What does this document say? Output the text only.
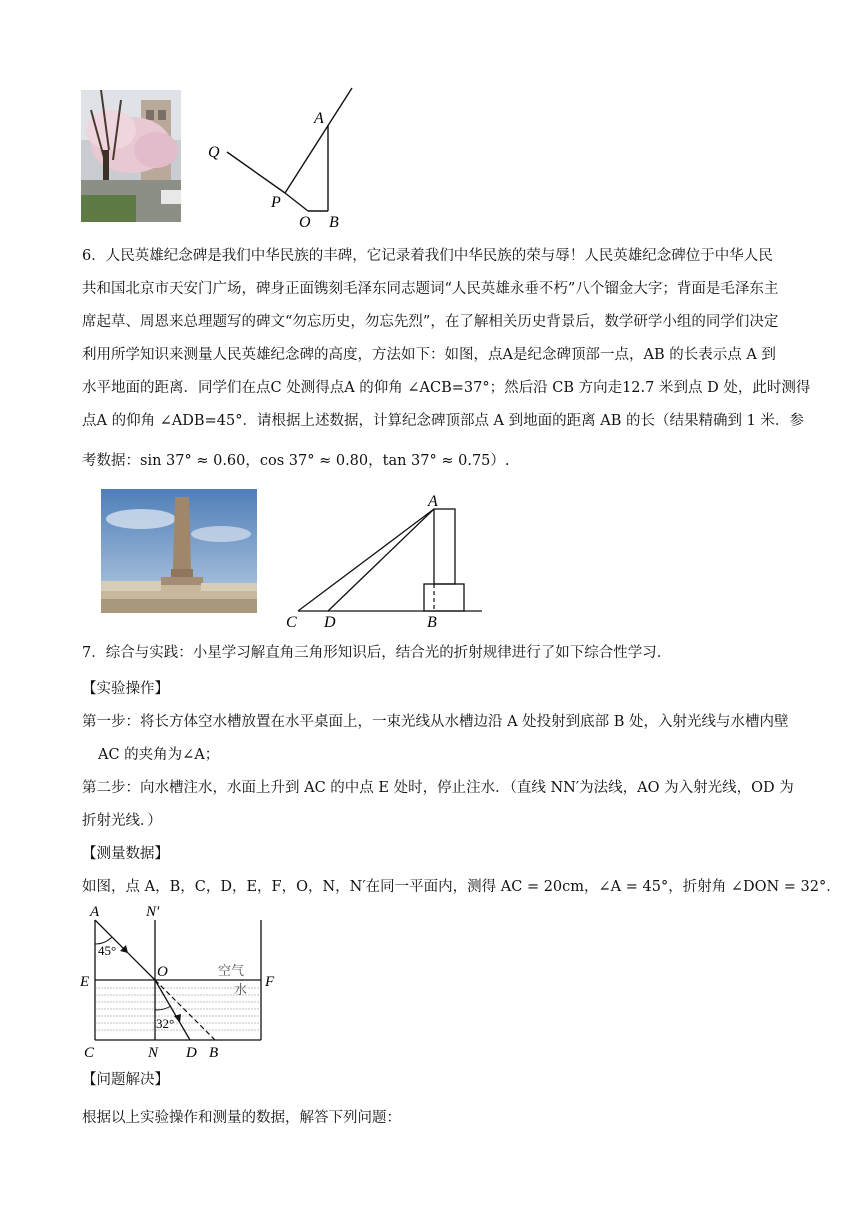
A
Q
P
O B
6．人民英雄纪念碑是我们中华民族的丰碑，它记录着我们中华民族的荣与辱！人民英雄纪念碑位于中华人民
共和国北京市天安门广场，碑身正面镌刻毛泽东同志题词“人民英雄永垂不朽”八个镏金大字；背面是毛泽东主
席起草、周恩来总理题写的碑文“勿忘历史，勿忘先烈”，在了解相关历史背景后，数学研学小组的同学们决定
利用所学知识来测量人民英雄纪念碑的高度，方法如下：如图，点A是纪念碑顶部一点，AB 的长表示点 A 到
水平地面的距离．同学们在点C 处测得点A 的仰角 ∠ACB=37°；然后沿 CB 方向走12.7 米到点 D 处，此时测得
点A 的仰角 ∠ADB=45°．请根据上述数据，计算纪念碑顶部点 A 到地面的距离 AB 的长（结果精确到 1 米．参
考数据：sin 37° ≈ 0.60，cos 37° ≈ 0.80，tan 37° ≈ 0.75）.
A
C D	B
7．综合与实践：小星学习解直角三角形知识后，结合光的折射规律进行了如下综合性学习．
【实验操作】
第一步：将长方体空水槽放置在水平桌面上，一束光线从水槽边沿 A 处投射到底部 B 处，入射光线与水槽内壁
AC 的夹角为∠A；
第二步：向水槽注水，水面上升到 AC 的中点 E 处时，停止注水．（直线 NN′为法线，AO 为入射光线，OD 为
折射光线．）
【测量数据】
如图，点 A，B，C，D，E，F，O，N，N′在同一平面内，测得 AC = 20cm，∠A = 45°，折射角 ∠DON = 32°．
A	N′
45°
E
O	空气
水 F
32°
C	N D B
【问题解决】
根据以上实验操作和测量的数据，解答下列问题：
